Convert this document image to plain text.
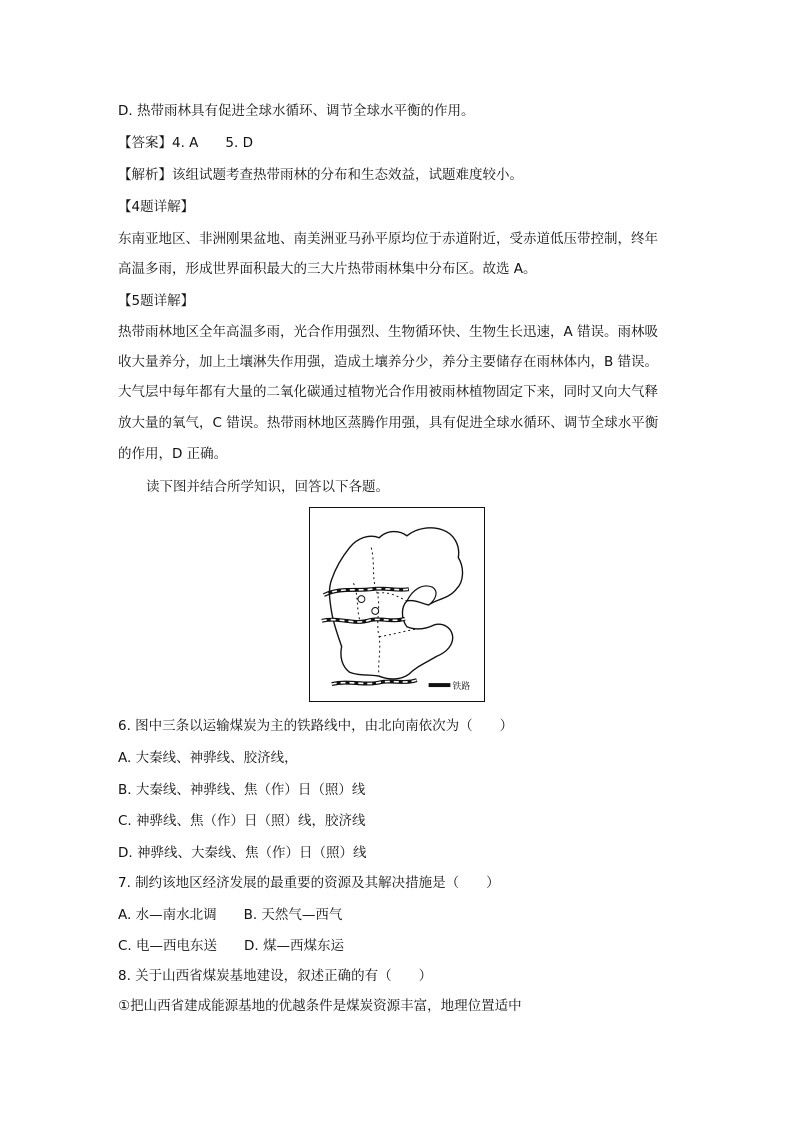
D. 热带雨林具有促进全球水循环、调节全球水平衡的作用。
【答案】4. A　　5. D
【解析】该组试题考查热带雨林的分布和生态效益，试题难度较小。
【4题详解】
东南亚地区、非洲刚果盆地、南美洲亚马孙平原均位于赤道附近，受赤道低压带控制，终年
高温多雨，形成世界面积最大的三大片热带雨林集中分布区。故选 A。
【5题详解】
热带雨林地区全年高温多雨，光合作用强烈、生物循环快、生物生长迅速，A 错误。雨林吸
收大量养分，加上土壤淋失作用强，造成土壤养分少，养分主要储存在雨林体内，B 错误。
大气层中每年都有大量的二氧化碳通过植物光合作用被雨林植物固定下来，同时又向大气释
放大量的氧气，C 错误。热带雨林地区蒸腾作用强，具有促进全球水循环、调节全球水平衡
的作用，D 正确。
读下图并结合所学知识，回答以下各题。
铁路
6. 图中三条以运输煤炭为主的铁路线中，由北向南依次为（　　）
A. 大秦线、神骅线、胶济线，
B. 大秦线、神骅线、焦（作）日（照）线
C. 神骅线、焦（作）日（照）线，胶济线
D. 神骅线、大秦线、焦（作）日（照）线
7. 制约该地区经济发展的最重要的资源及其解决措施是（　　）
A. 水—南水北调　　B. 天然气—西气
C. 电—西电东送　　D. 煤—西煤东运
8. 关于山西省煤炭基地建设，叙述正确的有（　　）
①把山西省建成能源基地的优越条件是煤炭资源丰富，地理位置适中
